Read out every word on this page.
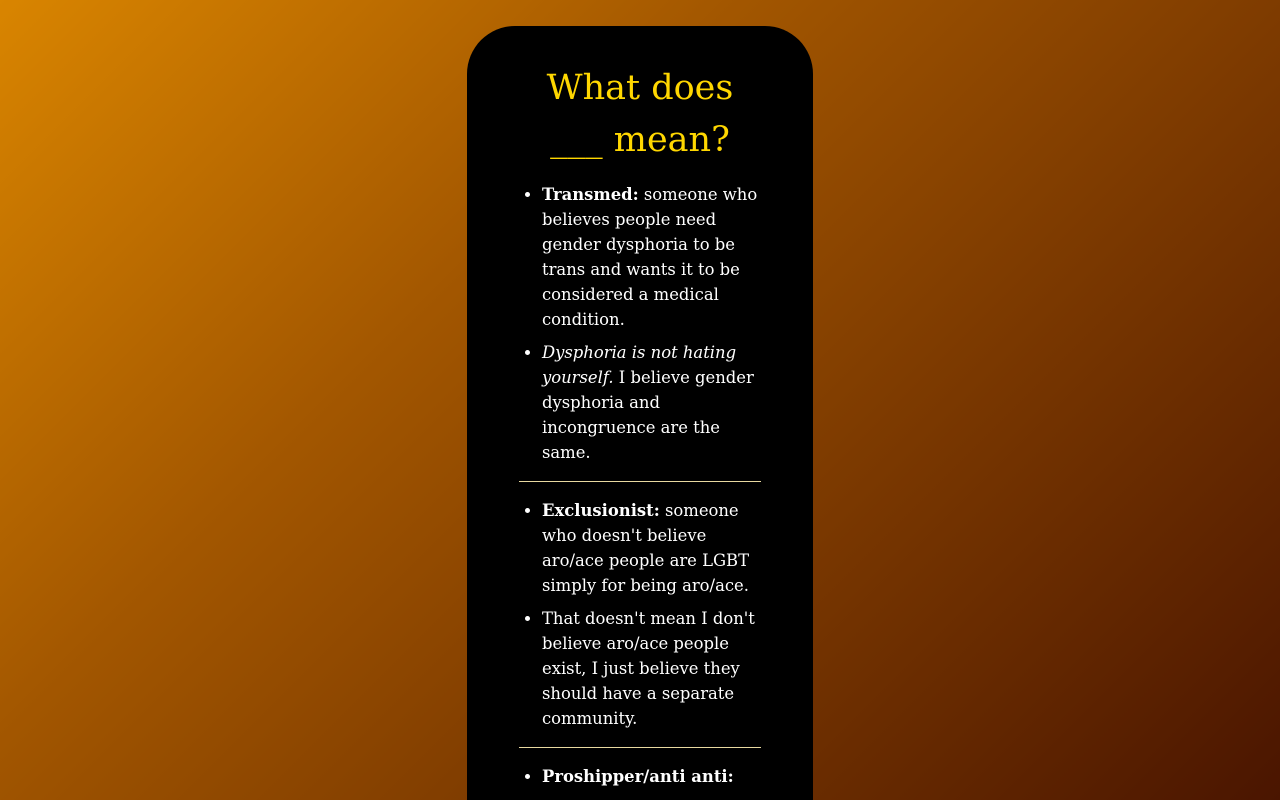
What does
___ mean?
• Transmed: someone who believes people need gender dysphoria to be trans and wants it to be considered a medical condition.
• Dysphoria is not hating yourself. I believe gender dysphoria and incongruence are the same.
• Exclusionist: someone who doesn't believe aro/ace people are LGBT simply for being aro/ace.
• That doesn't mean I don't believe aro/ace people exist, I just believe they should have a separate community.
• Proshipper/anti anti:
